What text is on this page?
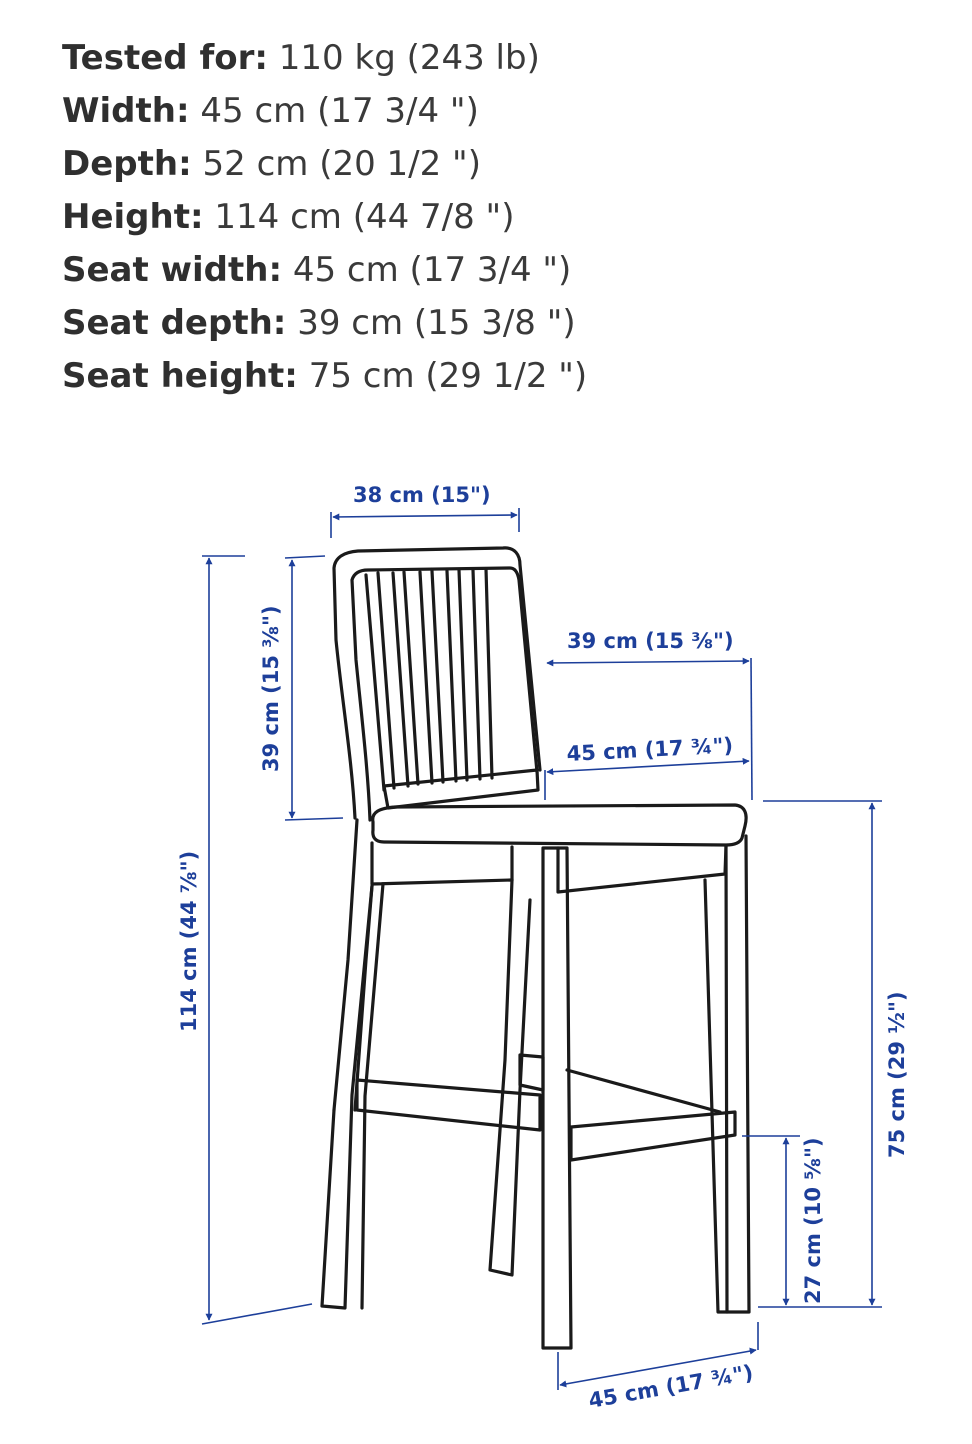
Tested for: 110 kg (243 lb)
Width: 45 cm (17 3/4 ")
Depth: 52 cm (20 1/2 ")
Height: 114 cm (44 7/8 ")
Seat width: 45 cm (17 3/4 ")
Seat depth: 39 cm (15 3/8 ")
Seat height: 75 cm (29 1/2 ")
38 cm (15")
39 cm (15 ⅜")
45 cm (17 ¾")
39 cm (15 ⅜")
114 cm (44 ⅞")
75 cm (29 ½")
27 cm (10 ⅝")
45 cm (17 ¾")
